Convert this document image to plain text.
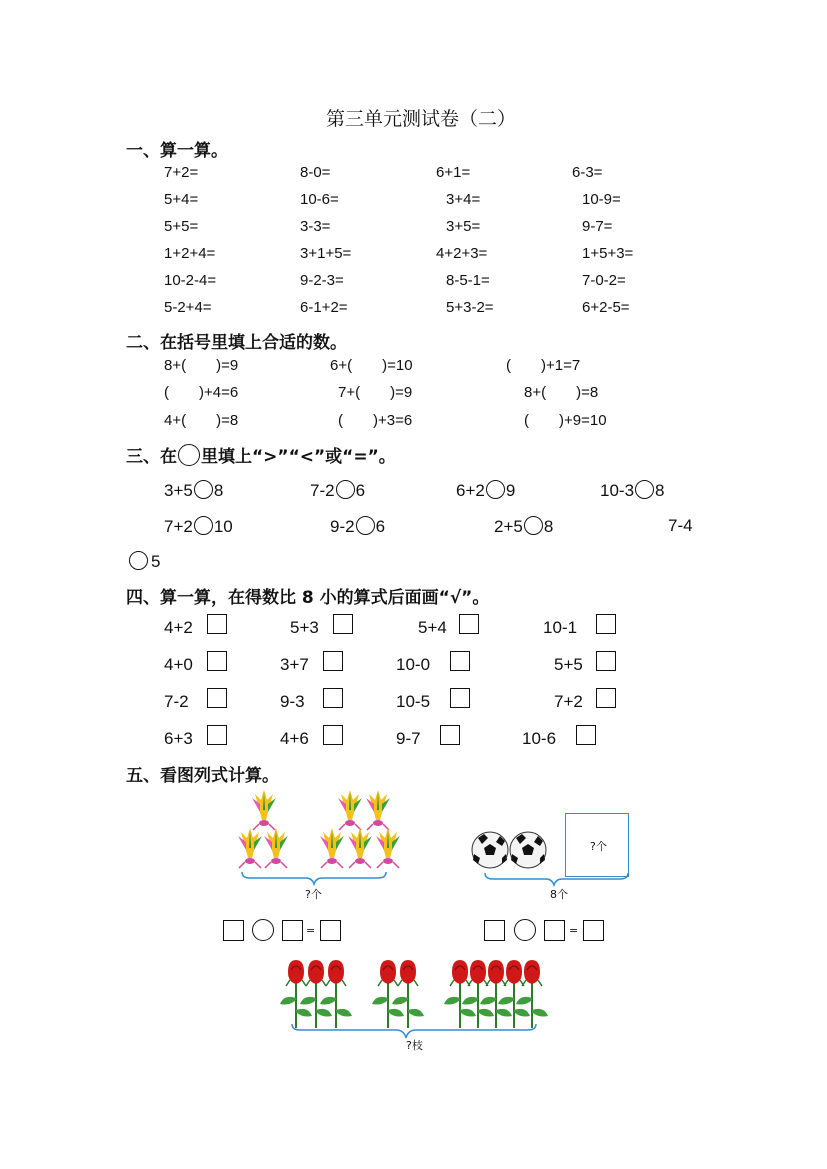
第三单元测试卷（二）
一、算一算。
7+2=	8-0=	6+1=	6-3=
5+4=	10-6=	3+4=	10-9=
5+5=	3-3=	3+5=	9-7=
1+2+4=	3+1+5=	4+2+3=	1+5+3=
10-2-4=	9-2-3=	8-5-1=	7-0-2=
5-2+4=	6-1+2=	5+3-2=	6+2-5=
二、在括号里填上合适的数。
8+(　　)=9	6+(　　)=10	(　　)+1=7
(　　)+4=6	7+(　　)=9	8+(　　)=8
4+(　　)=8	(　　)+3=6	(　　)+9=10
三、在 里填上“>”“<”或“=”。
3+5 8	7-2 6	6+2 9	10-3 8
7+2 10	9-2 6	2+5 8	7-4
5
四、算一算，在得数比 8 小的算式后面画“√”。
4+2	5+3	5+4	10-1
4+0	3+7	10-0	5+5
7-2	9-3	10-5	7+2
6+3	4+6	9-7	10-6
五、看图列式计算。
?个
?个
8个
=	=
?枝
